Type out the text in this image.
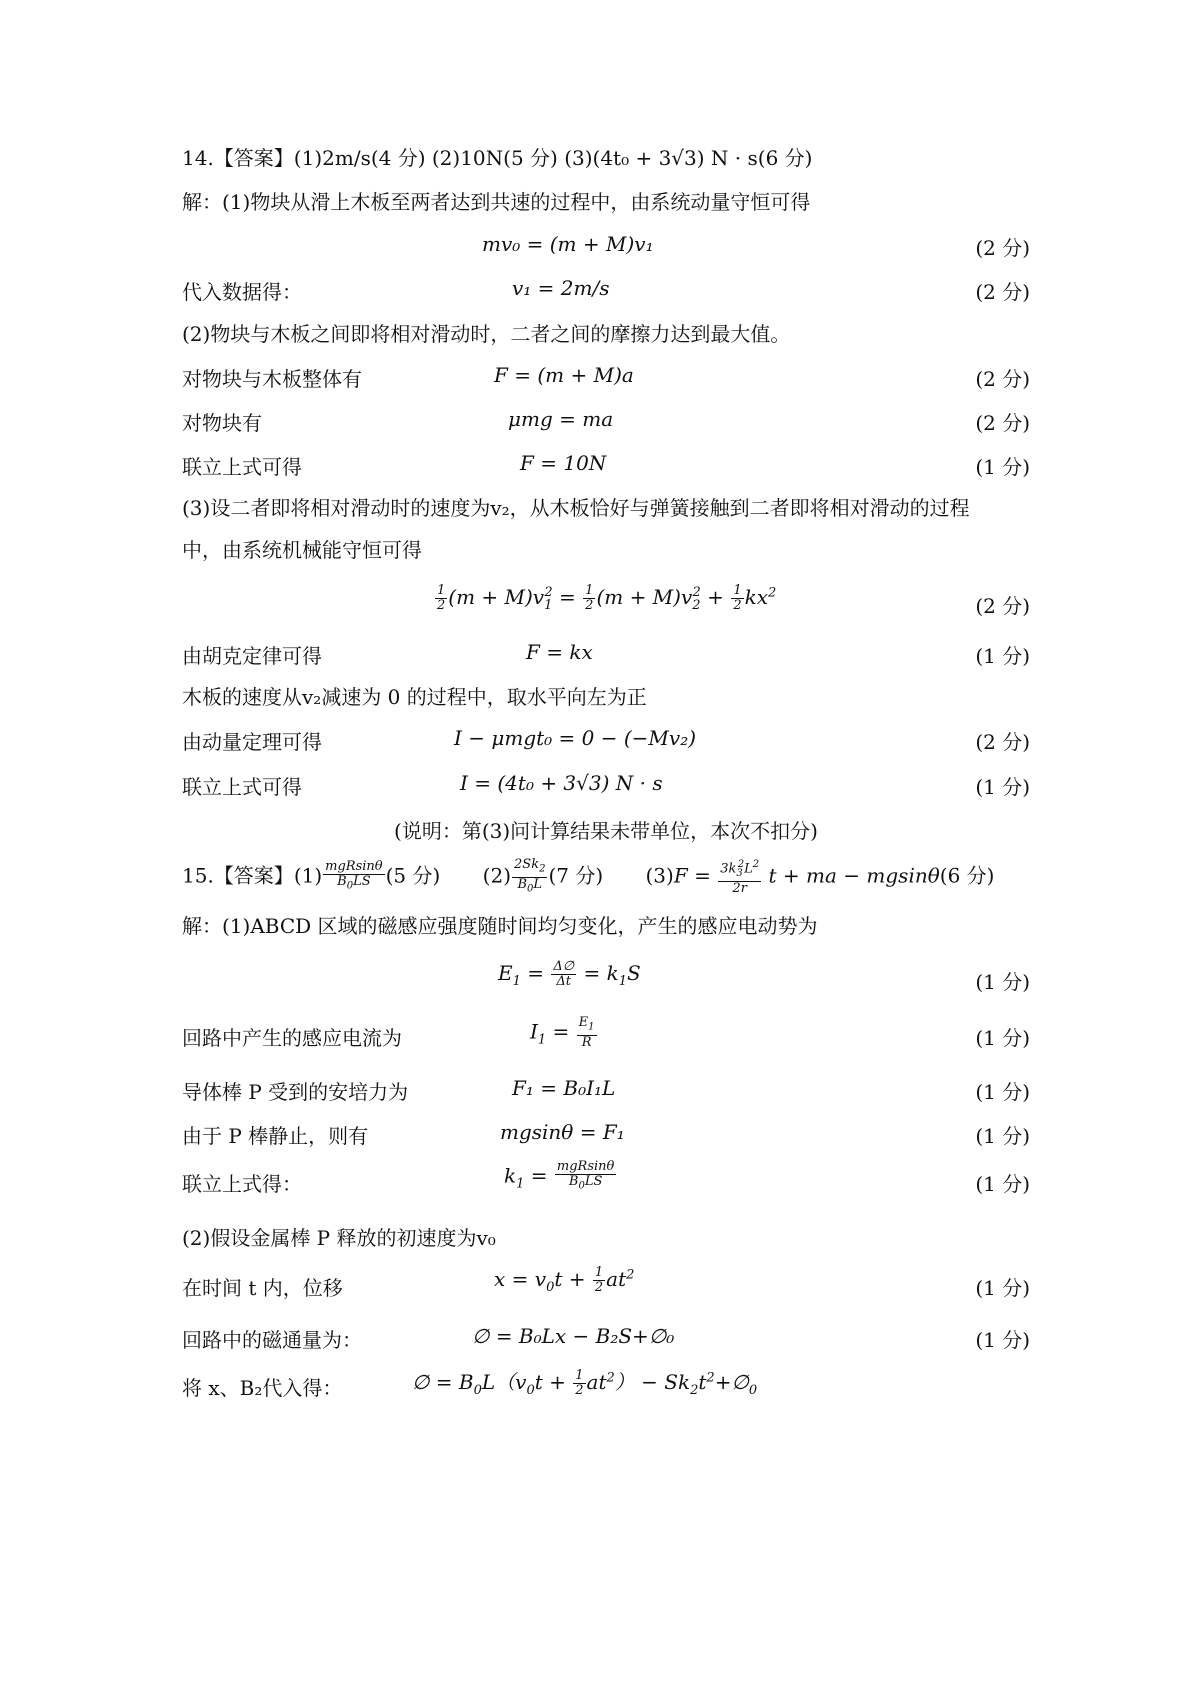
14.【答案】(1)2m/s(4 分) (2)10N(5 分) (3)(4t₀ + 3√3) N · s(6 分)
解：(1)物块从滑上木板至两者达到共速的过程中，由系统动量守恒可得
mv₀ = (m + M)v₁	(2 分)
代入数据得：	v₁ = 2m/s	(2 分)
(2)物块与木板之间即将相对滑动时，二者之间的摩擦力达到最大值。
对物块与木板整体有	F = (m + M)a	(2 分)
对物块有	μmg = ma	(2 分)
联立上式可得	F = 10N	(1 分)
(3)设二者即将相对滑动时的速度为v₂，从木板恰好与弹簧接触到二者即将相对滑动的过程
中，由系统机械能守恒可得
$\frac{1}{2} (m + M)v_1^2 = \frac{1}{2} (m + M)v_2^2 + \frac{1}{2} kx^2$
(2 分)
由胡克定律可得	F = kx	(1 分)
木板的速度从v₂减速为 0 的过程中，取水平向左为正
由动量定理可得	I − μmgt₀ = 0 − (−Mv₂)	(2 分)
联立上式可得	I = (4t₀ + 3√3) N · s	(1 分)
(说明：第(3)问计算结果未带单位，本次不扣分)
15.【答案】$(1) \frac{\text{mgRsinθ}}{B_0LS} (5$ 分) $(2) \frac{2Sk_2}{B_0L} (7$ 分) $(3)F = \frac{3k_3^2L^2}{2r}$ t + ma − mgsinθ(6 分)
解：(1)ABCD 区域的磁感应强度随时间均匀变化，产生的感应电动势为
$E_1 = \frac{\Delta\emptyset}{\Delta t} = k_1S$	(1 分)
回路中产生的感应电流为	$I_1 = \frac{E_1}{R}$	(1 分)
导体棒 P 受到的安培力为	F₁ = B₀I₁L	(1 分)
由于 P 棒静止，则有	mgsinθ = F₁	(1 分)
联立上式得：	$k_1 = \frac{\text{mgRsinθ}}{B_0LS}$	(1 分)
(2)假设金属棒 P 释放的初速度为v₀
在时间 t 内，位移	$x = v_0t + \frac{1}{2} at^2$
(1 分)
回路中的磁通量为：	∅ = B₀Lx − B₂S+∅₀	(1 分)
将 x、B₂代入得：	∅ = $B_0L(v_0t + \frac{1}{2} at^2)$ − $Sk_2t^2+\emptyset_0$
